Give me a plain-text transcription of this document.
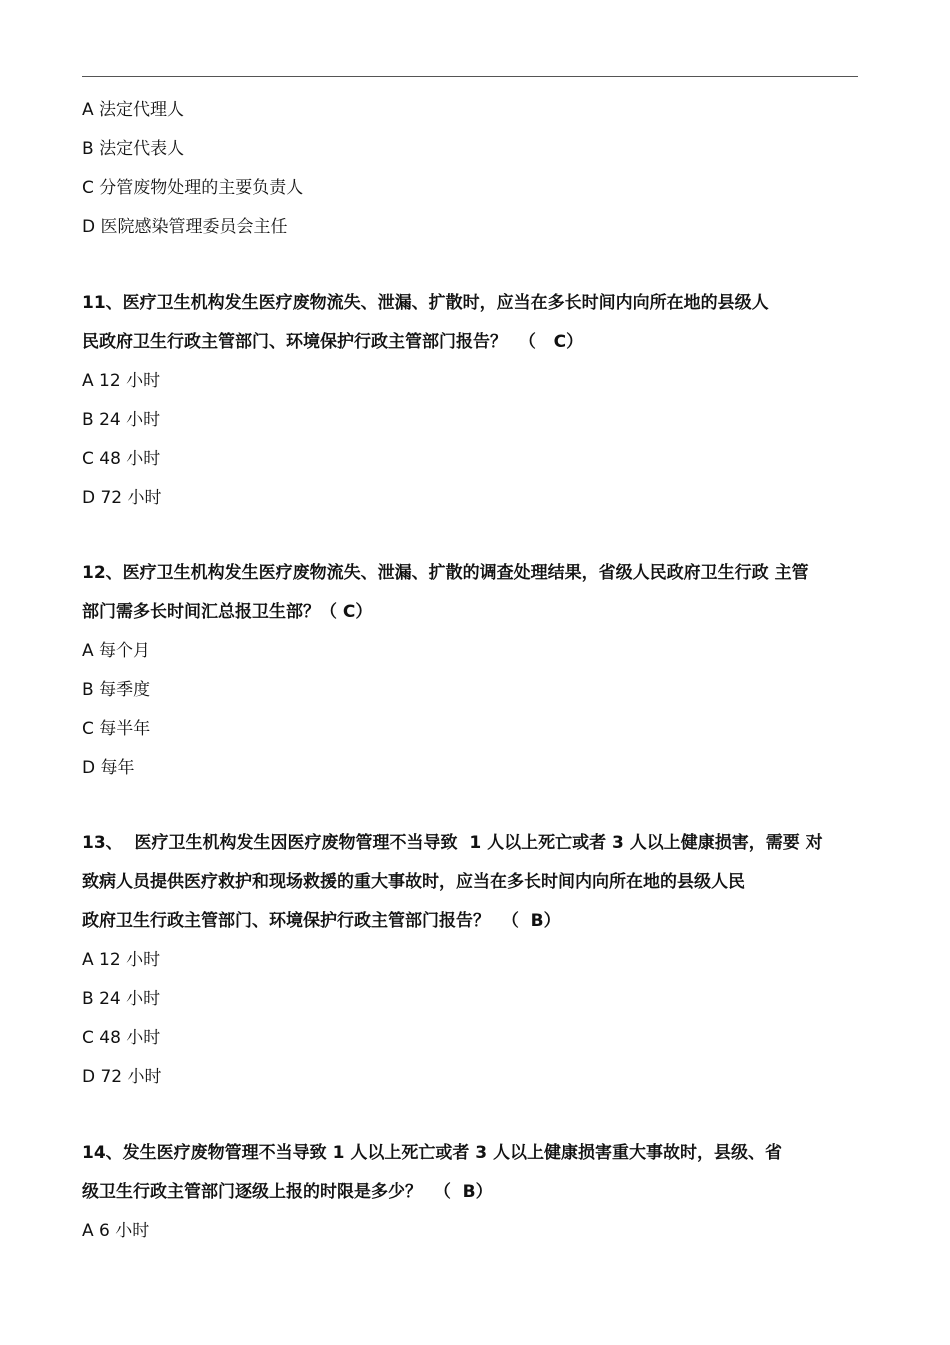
A 法定代理人
B 法定代表人
C 分管废物处理的主要负责人
D 医院感染管理委员会主任
11、医疗卫生机构发生医疗废物流失、泄漏、扩散时，应当在多长时间内向所在地的县级人
民政府卫生行政主管部门、环境保护行政主管部门报告？  （   C）
A 12 小时
B 24 小时
C 48 小时
D 72 小时
12、医疗卫生机构发生医疗废物流失、泄漏、扩散的调查处理结果，省级人民政府卫生行政 主管
部门需多长时间汇总报卫生部？（ C）
A 每个月
B 每季度
C 每半年
D 每年
13、  医疗卫生机构发生因医疗废物管理不当导致  1 人以上死亡或者 3 人以上健康损害，需要 对
致病人员提供医疗救护和现场救援的重大事故时，应当在多长时间内向所在地的县级人民
政府卫生行政主管部门、环境保护行政主管部门报告？  （  B）
A 12 小时
B 24 小时
C 48 小时
D 72 小时
14、发生医疗废物管理不当导致 1 人以上死亡或者 3 人以上健康损害重大事故时，县级、省
级卫生行政主管部门逐级上报的时限是多少？  （  B）
A 6 小时
